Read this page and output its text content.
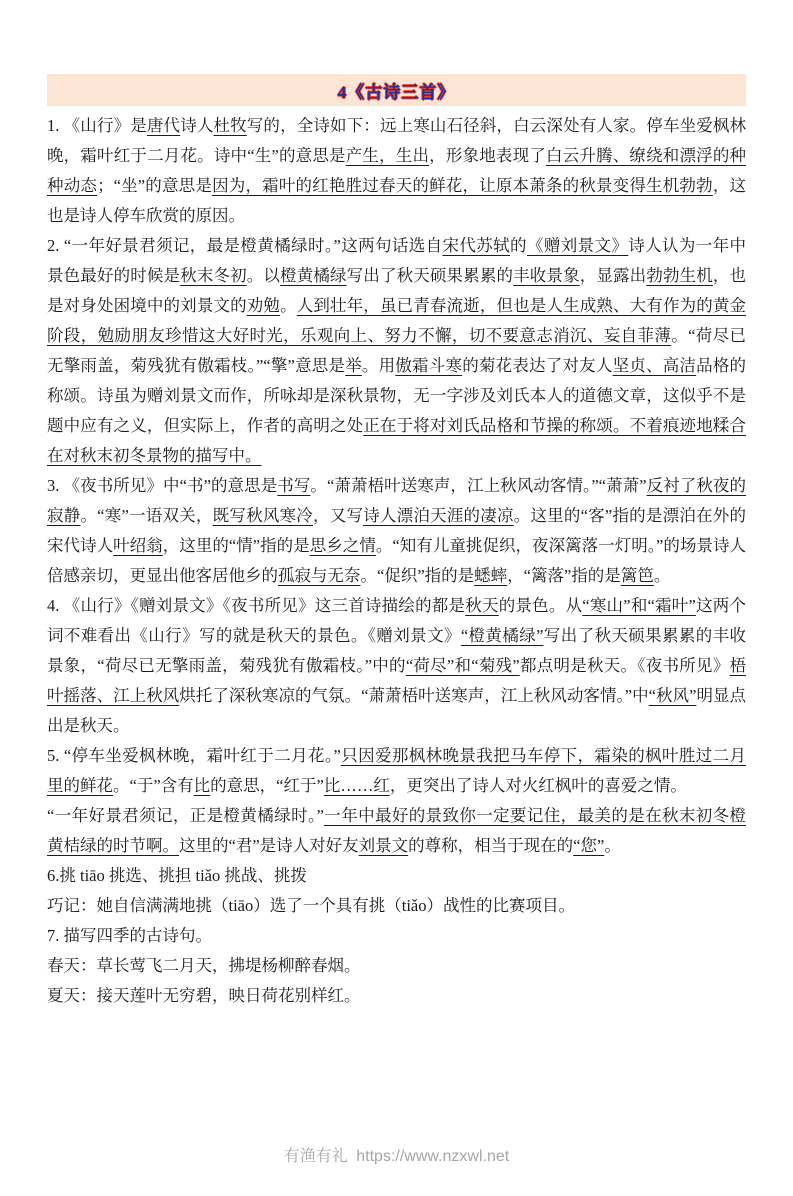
4《古诗三首》

1. 《山行》是唐代诗人杜牧写的，全诗如下：远上寒山石径斜，白云深处有人家。停车坐爱枫林晚，霜叶红于二月花。诗中“生”的意思是产生，生出，形象地表现了白云升腾、缭绕和漂浮的种种动态；“坐”的意思是因为，霜叶的红艳胜过春天的鲜花，让原本萧条的秋景变得生机勃勃，这也是诗人停车欣赏的原因。

2. “一年好景君须记，最是橙黄橘绿时。”这两句话选自宋代苏轼的《赠刘景文》诗人认为一年中景色最好的时候是秋末冬初。以橙黄橘绿写出了秋天硕果累累的丰收景象，显露出勃勃生机，也是对身处困境中的刘景文的劝勉。人到壮年，虽已青春流逝，但也是人生成熟、大有作为的黄金阶段，勉励朋友珍惜这大好时光，乐观向上、努力不懈，切不要意志消沉、妄自菲薄。“荷尽已无擎雨盖，菊残犹有傲霜枝。”“擎”意思是举。用傲霜斗寒的菊花表达了对友人坚贞、高洁品格的称颂。诗虽为赠刘景文而作，所咏却是深秋景物，无一字涉及刘氏本人的道德文章，这似乎不是题中应有之义，但实际上，作者的高明之处正在于将对刘氏品格和节操的称颂。不着痕迹地糅合在对秋末初冬景物的描写中。

3. 《夜书所见》中“书”的意思是书写。“萧萧梧叶送寒声，江上秋风动客情。”“萧萧”反衬了秋夜的寂静。“寒”一语双关，既写秋风寒冷，又写诗人漂泊天涯的凄凉。这里的“客”指的是漂泊在外的宋代诗人叶绍翁，这里的“情”指的是思乡之情。“知有儿童挑促织，夜深篱落一灯明。”的场景诗人倍感亲切，更显出他客居他乡的孤寂与无奈。“促织”指的是蟋蟀，“篱落”指的是篱笆。

4. 《山行》《赠刘景文》《夜书所见》这三首诗描绘的都是秋天的景色。从“寒山”和“霜叶”这两个词不难看出《山行》写的就是秋天的景色。《赠刘景文》“橙黄橘绿”写出了秋天硕果累累的丰收景象，“荷尽已无擎雨盖，菊残犹有傲霜枝。”中的“荷尽”和“菊残”都点明是秋天。《夜书所见》梧叶摇落、江上秋风烘托了深秋寒凉的气氛。“萧萧梧叶送寒声，江上秋风动客情。”中“秋风”明显点出是秋天。

5. “停车坐爱枫林晚，霜叶红于二月花。”只因爱那枫林晚景我把马车停下，霜染的枫叶胜过二月里的鲜花。“于”含有比的意思，“红于”比……红，更突出了诗人对火红枫叶的喜爱之情。

“一年好景君须记，正是橙黄橘绿时。”一年中最好的景致你一定要记住，最美的是在秋末初冬橙黄桔绿的时节啊。这里的“君”是诗人对好友刘景文的尊称，相当于现在的“您”。

6.挑 tiāo 挑选、挑担 tiǎo 挑战、挑拨

巧记：她自信满满地挑（tiāo）选了一个具有挑（tiǎo）战性的比赛项目。

7. 描写四季的古诗句。

春天：草长莺飞二月天，拂堤杨柳醉春烟。

夏天：接天莲叶无穷碧，映日荷花别样红。

有渔有礼 https://www.nzxwl.net
